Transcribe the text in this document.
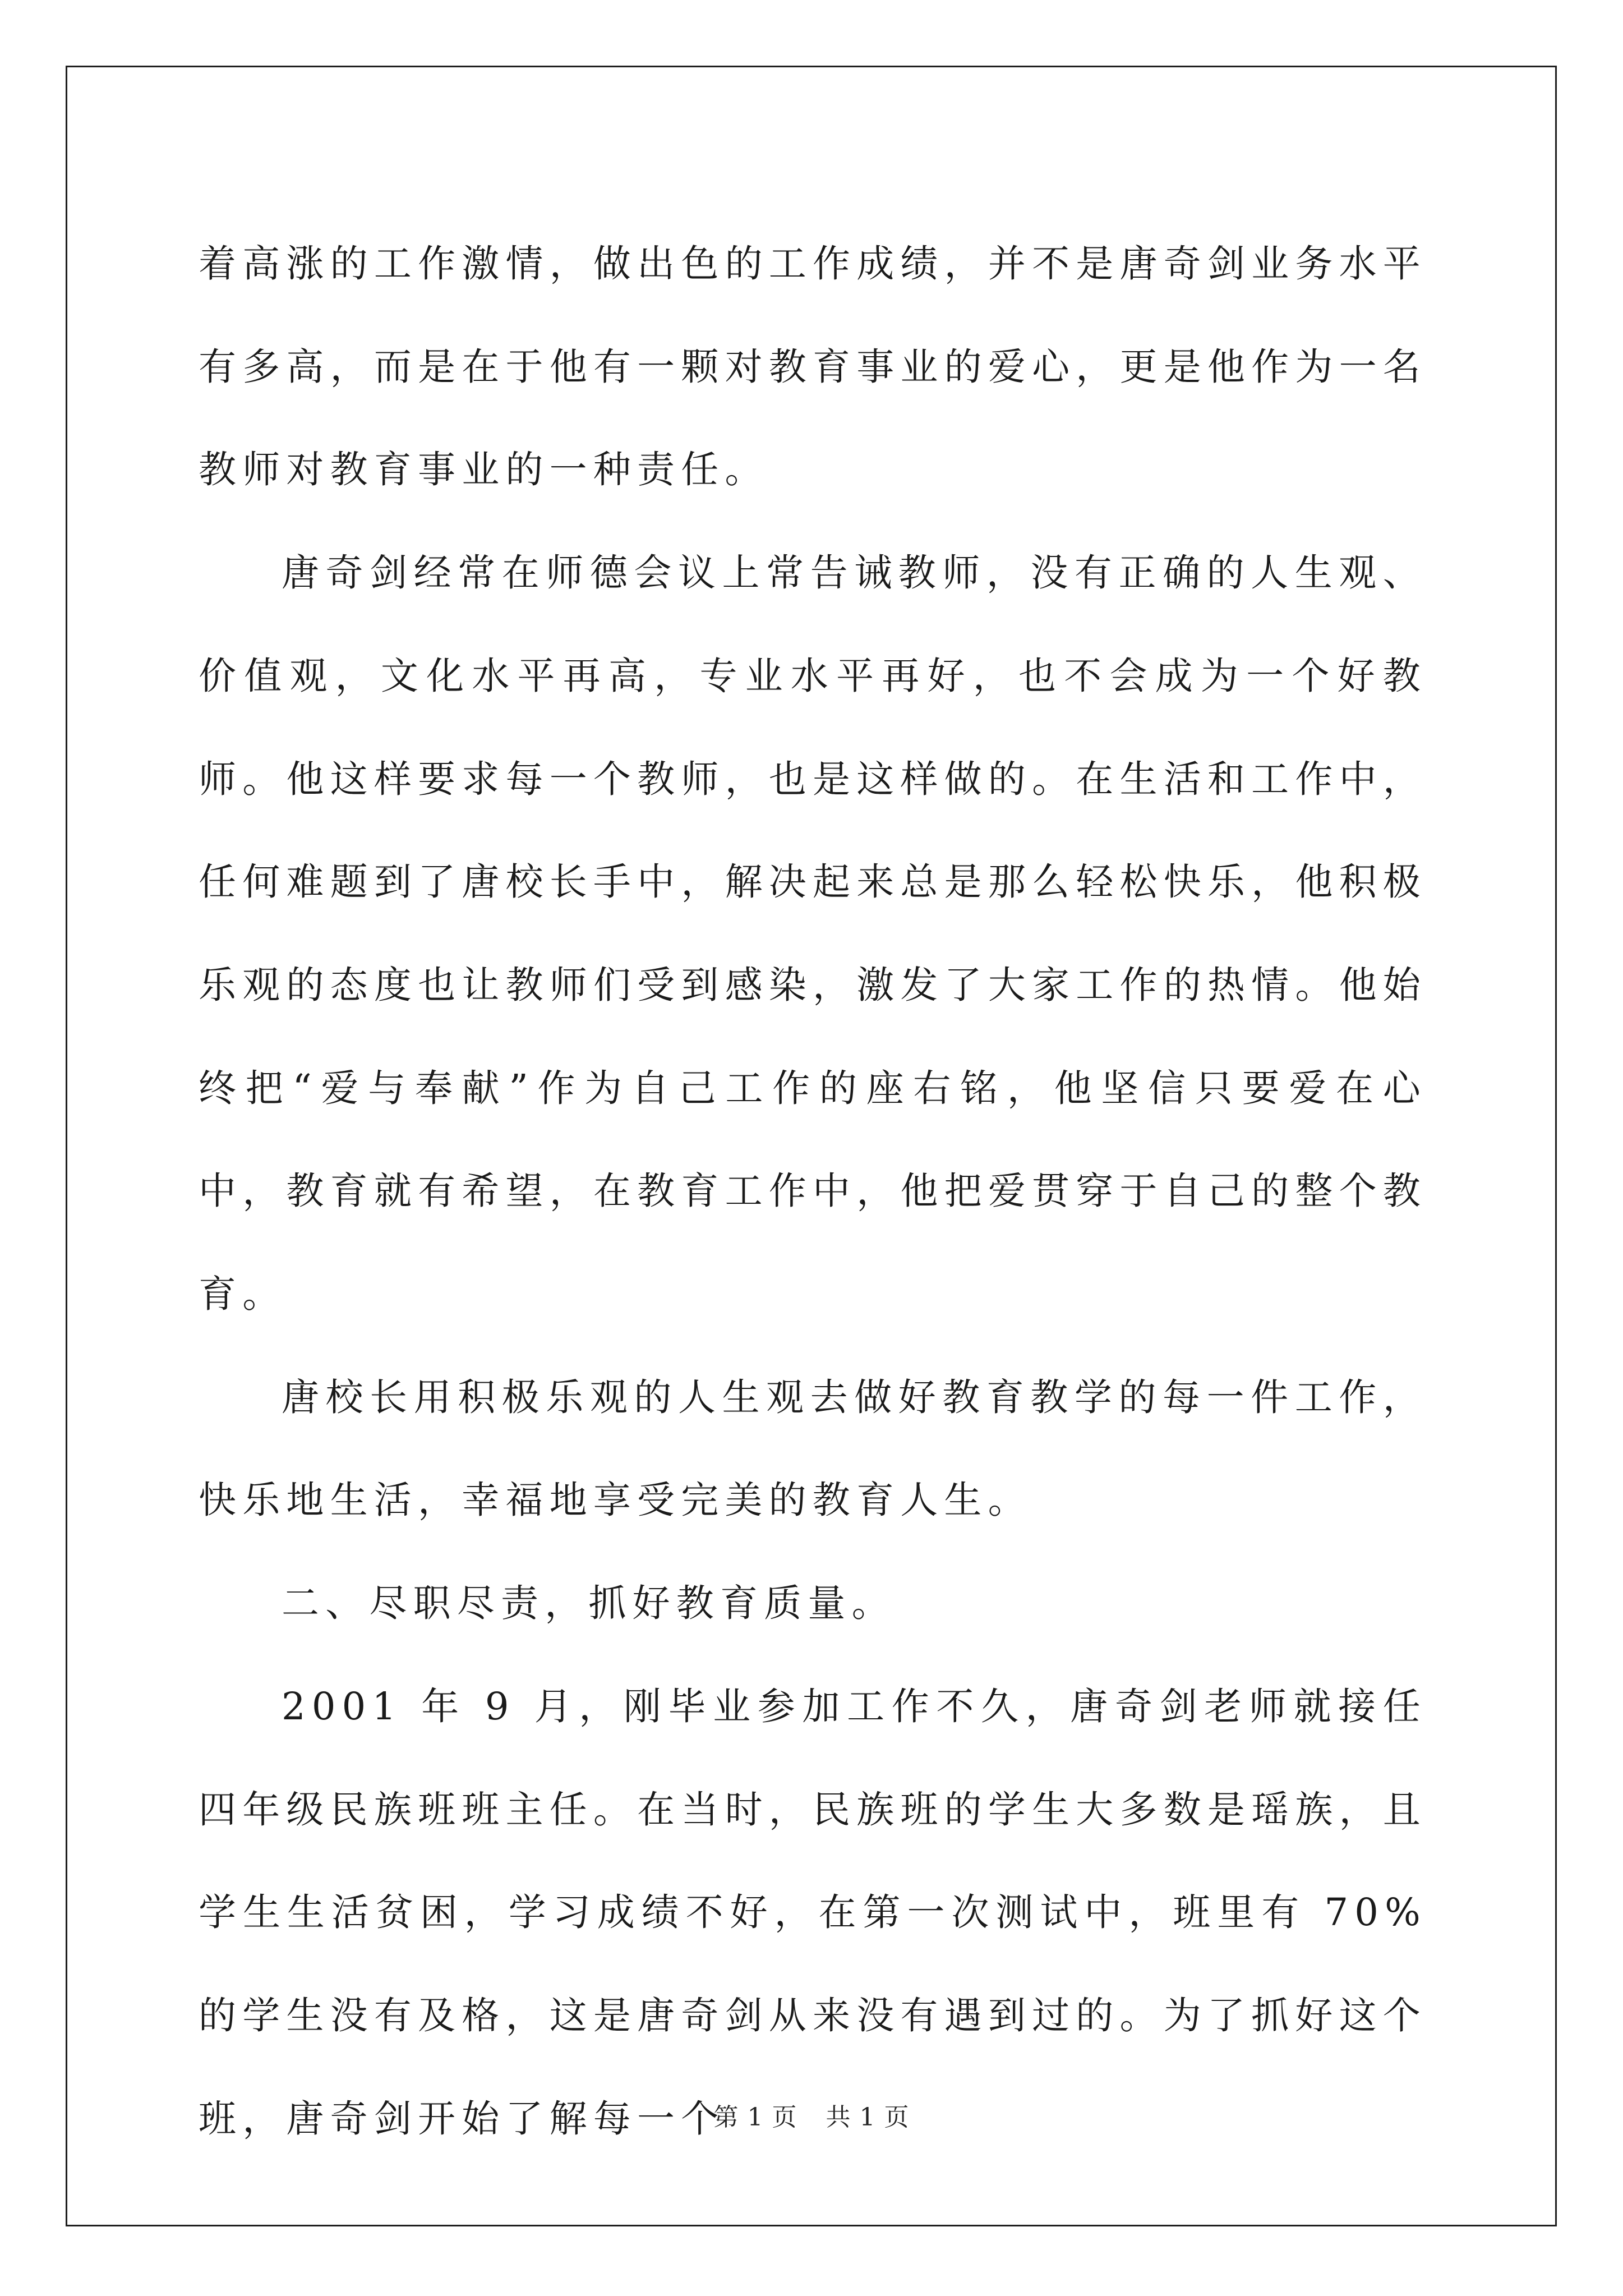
着高涨的工作激情，做出色的工作成绩，并不是唐奇剑业务水平有多高，而是在于他有一颗对教育事业的爱心，更是他作为一名教师对教育事业的一种责任。

唐奇剑经常在师德会议上常告诫教师，没有正确的人生观、价值观，文化水平再高，专业水平再好，也不会成为一个好教师。他这样要求每一个教师，也是这样做的。在生活和工作中，任何难题到了唐校长手中，解决起来总是那么轻松快乐，他积极乐观的态度也让教师们受到感染，激发了大家工作的热情。他始终把“爱与奉献”作为自己工作的座右铭，他坚信只要爱在心中，教育就有希望，在教育工作中，他把爱贯穿于自己的整个教育。

唐校长用积极乐观的人生观去做好教育教学的每一件工作，快乐地生活，幸福地享受完美的教育人生。

二、尽职尽责，抓好教育质量。

2001 年 9 月，刚毕业参加工作不久，唐奇剑老师就接任四年级民族班班主任。在当时，民族班的学生大多数是瑶族，且学生生活贫困，学习成绩不好，在第一次测试中，班里有 70%的学生没有及格，这是唐奇剑从来没有遇到过的。为了抓好这个班，唐奇剑开始了解每一个

第 1 页 共 1 页
